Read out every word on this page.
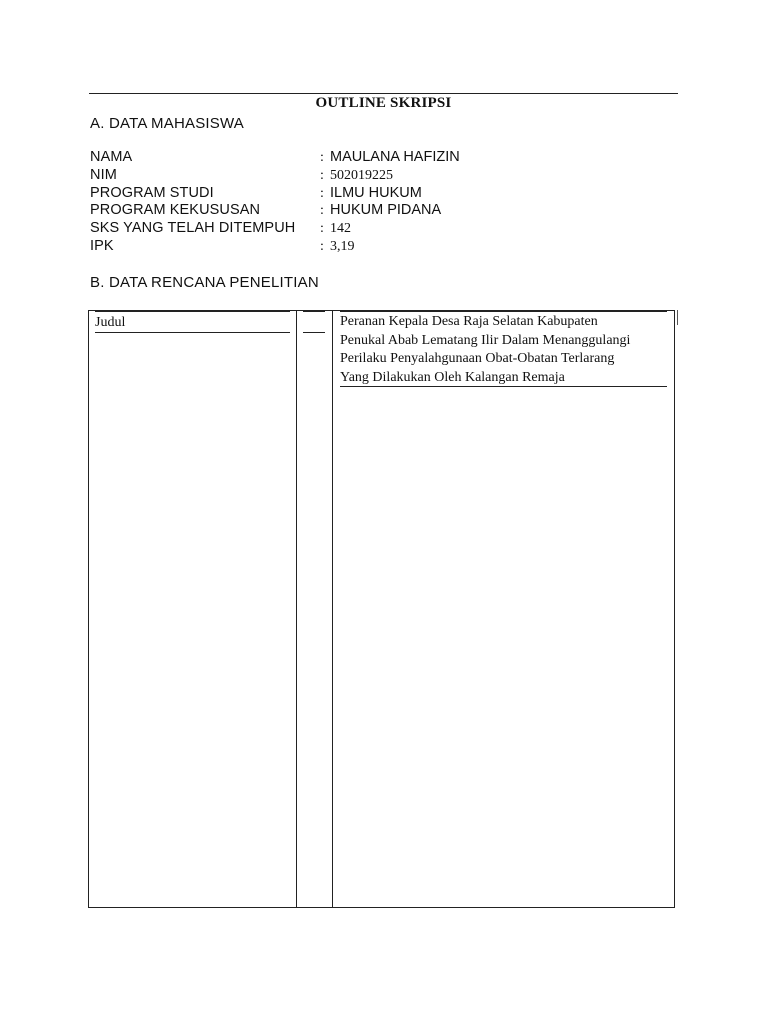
OUTLINE SKRIPSI
A. DATA MAHASISWA
NAMA	: MAULANA HAFIZIN
NIM	: 502019225
PROGRAM STUDI	: ILMU HUKUM
PROGRAM KEKUSUSAN	: HUKUM PIDANA
SKS YANG TELAH DITEMPUH : 142
IPK	: 3,19
B. DATA RENCANA PENELITIAN
Judul	Peranan Kepala Desa Raja Selatan Kabupaten
Penukal Abab Lematang Ilir Dalam Menanggulangi
Perilaku Penyalahgunaan Obat-Obatan Terlarang
Yang Dilakukan Oleh Kalangan Remaja
